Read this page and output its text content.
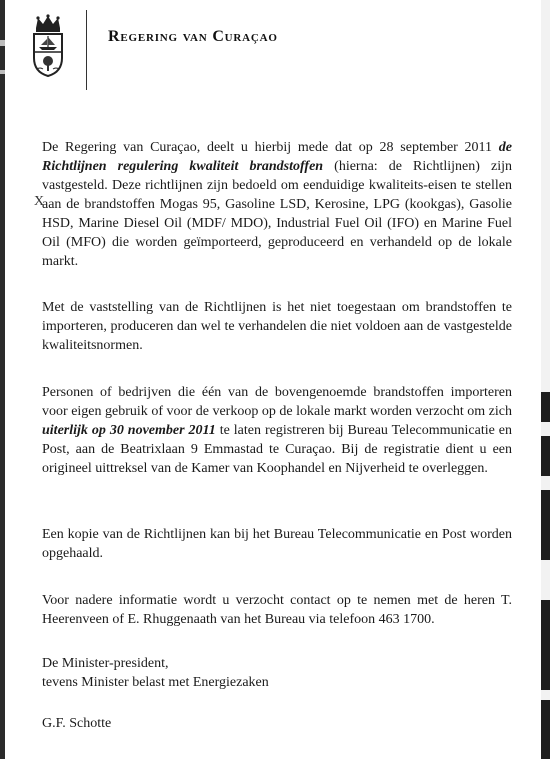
Regering van Curaçao
X
De Regering van Curaçao, deelt u hierbij mede dat op 28 september 2011 de Richtlijnen regulering kwaliteit brandstoffen (hierna: de Richtlijnen) zijn vastgesteld. Deze richtlijnen zijn bedoeld om eenduidige kwaliteits-eisen te stellen aan de brandstoffen Mogas 95, Gasoline LSD, Kerosine, LPG (kookgas), Gasolie HSD, Marine Diesel Oil (MDF/ MDO), Industrial Fuel Oil (IFO) en Marine Fuel Oil (MFO) die worden geïmporteerd, geproduceerd en verhandeld op de lokale markt.
Met de vaststelling van de Richtlijnen is het niet toegestaan om brandstoffen te importeren, produceren dan wel te verhandelen die niet voldoen aan de vastgestelde kwaliteitsnormen.
Personen of bedrijven die één van de bovengenoemde brandstoffen importeren voor eigen gebruik of voor de verkoop op de lokale markt worden verzocht om zich uiterlijk op 30 november 2011 te laten registreren bij Bureau Telecommunicatie en Post, aan de Beatrixlaan 9 Emmastad te Curaçao. Bij de registratie dient u een origineel uittreksel van de Kamer van Koophandel en Nijverheid te overleggen.
Een kopie van de Richtlijnen kan bij het Bureau Telecommunicatie en Post worden opgehaald.
Voor nadere informatie wordt u verzocht contact op te nemen met de heren T. Heerenveen of E. Rhuggenaath van het Bureau via telefoon 463 1700.
De Minister-president,
tevens Minister belast met Energiezaken
G.F. Schotte
